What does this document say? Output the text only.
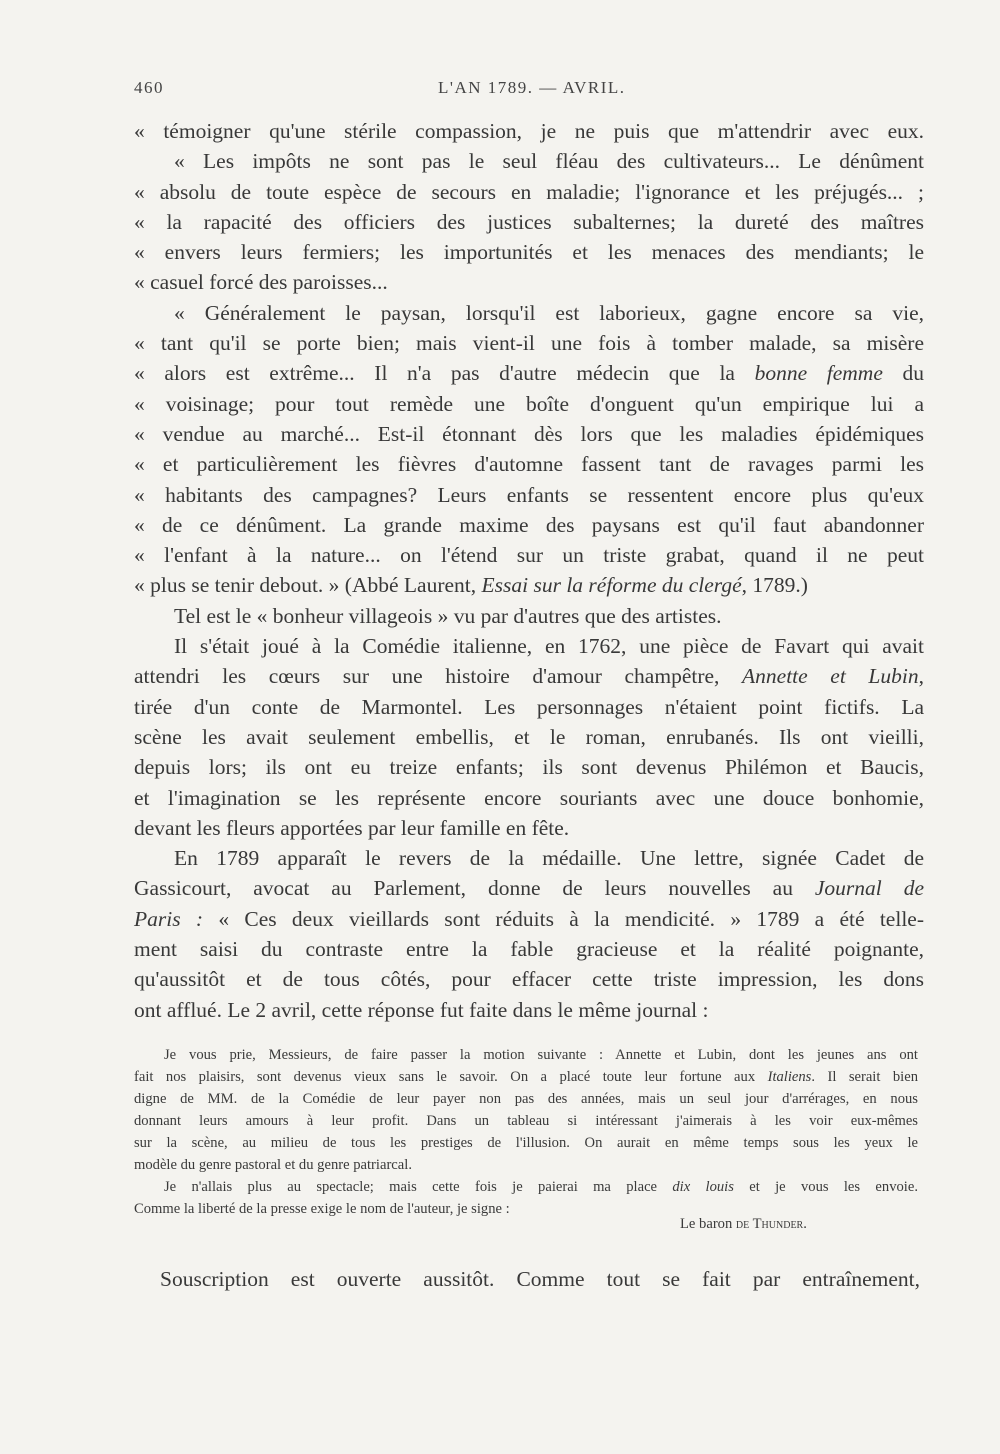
460	L'AN 1789. — AVRIL.
« témoigner qu'une stérile compassion, je ne puis que m'attendrir avec eux.
« Les impôts ne sont pas le seul fléau des cultivateurs... Le dénûment
« absolu de toute espèce de secours en maladie; l'ignorance et les préjugés... ;
« la rapacité des officiers des justices subalternes; la dureté des maîtres
« envers leurs fermiers; les importunités et les menaces des mendiants; le
« casuel forcé des paroisses...
« Généralement le paysan, lorsqu'il est laborieux, gagne encore sa vie,
« tant qu'il se porte bien; mais vient-il une fois à tomber malade, sa misère
« alors est extrême... Il n'a pas d'autre médecin que la bonne femme du
« voisinage; pour tout remède une boîte d'onguent qu'un empirique lui a
« vendue au marché... Est-il étonnant dès lors que les maladies épidémiques
« et particulièrement les fièvres d'automne fassent tant de ravages parmi les
« habitants des campagnes? Leurs enfants se ressentent encore plus qu'eux
« de ce dénûment. La grande maxime des paysans est qu'il faut abandonner
« l'enfant à la nature... on l'étend sur un triste grabat, quand il ne peut
« plus se tenir debout. » (Abbé Laurent, Essai sur la réforme du clergé, 1789.)
Tel est le « bonheur villageois » vu par d'autres que des artistes.
Il s'était joué à la Comédie italienne, en 1762, une pièce de Favart qui avait
attendri les cœurs sur une histoire d'amour champêtre, Annette et Lubin,
tirée d'un conte de Marmontel. Les personnages n'étaient point fictifs. La
scène les avait seulement embellis, et le roman, enrubanés. Ils ont vieilli,
depuis lors; ils ont eu treize enfants; ils sont devenus Philémon et Baucis,
et l'imagination se les représente encore souriants avec une douce bonhomie,
devant les fleurs apportées par leur famille en fête.
En 1789 apparaît le revers de la médaille. Une lettre, signée Cadet de
Gassicourt, avocat au Parlement, donne de leurs nouvelles au Journal de
Paris : « Ces deux vieillards sont réduits à la mendicité. » 1789 a été telle-
ment saisi du contraste entre la fable gracieuse et la réalité poignante,
qu'aussitôt et de tous côtés, pour effacer cette triste impression, les dons
ont afflué. Le 2 avril, cette réponse fut faite dans le même journal :
Je vous prie, Messieurs, de faire passer la motion suivante : Annette et Lubin, dont les jeunes ans ont
fait nos plaisirs, sont devenus vieux sans le savoir. On a placé toute leur fortune aux Italiens. Il serait bien
digne de MM. de la Comédie de leur payer non pas des années, mais un seul jour d'arrérages, en nous
donnant leurs amours à leur profit. Dans un tableau si intéressant j'aimerais à les voir eux-mêmes
sur la scène, au milieu de tous les prestiges de l'illusion. On aurait en même temps sous les yeux le
modèle du genre pastoral et du genre patriarcal.
Je n'allais plus au spectacle; mais cette fois je paierai ma place dix louis et je vous les envoie.
Comme la liberté de la presse exige le nom de l'auteur, je signe :
Le baron de Thunder.
Souscription est ouverte aussitôt. Comme tout se fait par entraînement,
